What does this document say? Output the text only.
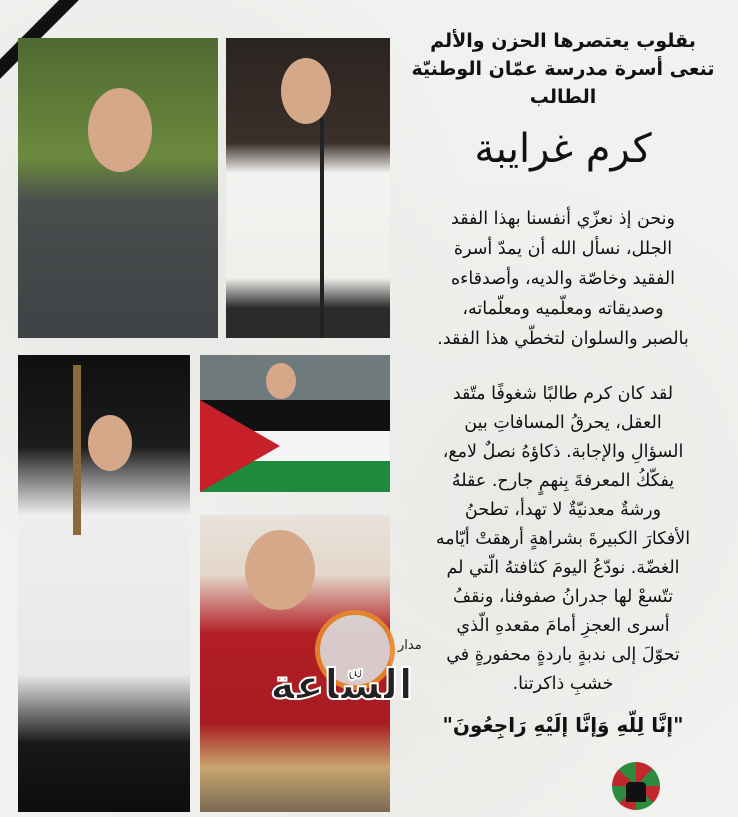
بقلوب يعتصرها الحزن والألم
تنعى أسرة مدرسة عمّان الوطنيّة
الطالب
كرم غرايبة
ونحن إذ نعزّي أنفسنا بهذا الفقد
الجلل، نسأل الله أن يمدّ أسرة
الفقيد وخاصّة والديه، وأصدقاءه
وصديقاته ومعلّميه ومعلّماته،
بالصبر والسلوان لتخطّي هذا الفقد.
لقد كان كرم طالبًا شغوفًا متّقد
العقل، يحرقُ المسافاتِ بين
السؤالِ والإجابة. ذكاؤهُ نصلٌ لامع،
يفكّكُ المعرفةَ بِنهمٍ جارح. عقلهُ
ورشةٌ معدنيّةٌ لا تهدأ، تطحنُ
الأفكارَ الكبيرةَ بشراهةٍ أرهقتْ أيّامه
الغضّة. نودّعُ اليومَ كثافتهُ الّتي لم
تتّسعْ لها جدرانُ صفوفنا، ونقفُ
أسرى العجزِ أمامَ مقعدهِ الّذي
تحوّلَ إلى ندبةٍ باردةٍ محفورةٍ في
خشبِ ذاكرتنا.
"إنَّا لِلّهِ وَإنَّا إلَيْهِ رَاجِعُونَ"
السّاعة
مدار
